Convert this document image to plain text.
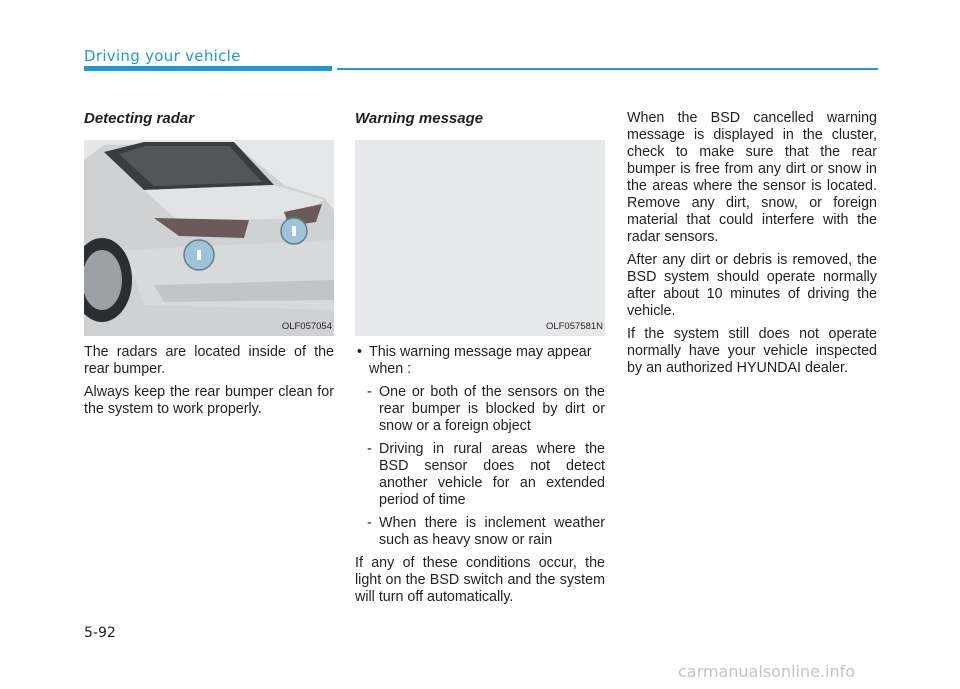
Driving your vehicle
Detecting radar
OLF057054

The radars are located inside of the rear bumper.

Always keep the rear bumper clean for the system to work properly.

Warning message
OLF057581N
• This warning message may appear when :
- One or both of the sensors on the rear bumper is blocked by dirt or snow or a foreign object
- Driving in rural areas where the BSD sensor does not detect another vehicle for an extended period of time
- When there is inclement weather such as heavy snow or rain

If any of these conditions occur, the light on the BSD switch and the system will turn off automatically.

When the BSD cancelled warning message is displayed in the cluster, check to make sure that the rear bumper is free from any dirt or snow in the areas where the sensor is located. Remove any dirt, snow, or foreign material that could interfere with the radar sensors.

After any dirt or debris is removed, the BSD system should operate normally after about 10 minutes of driving the vehicle.

If the system still does not operate normally have your vehicle inspected by an authorized HYUNDAI dealer.

5-92
carmanualsonline.info
